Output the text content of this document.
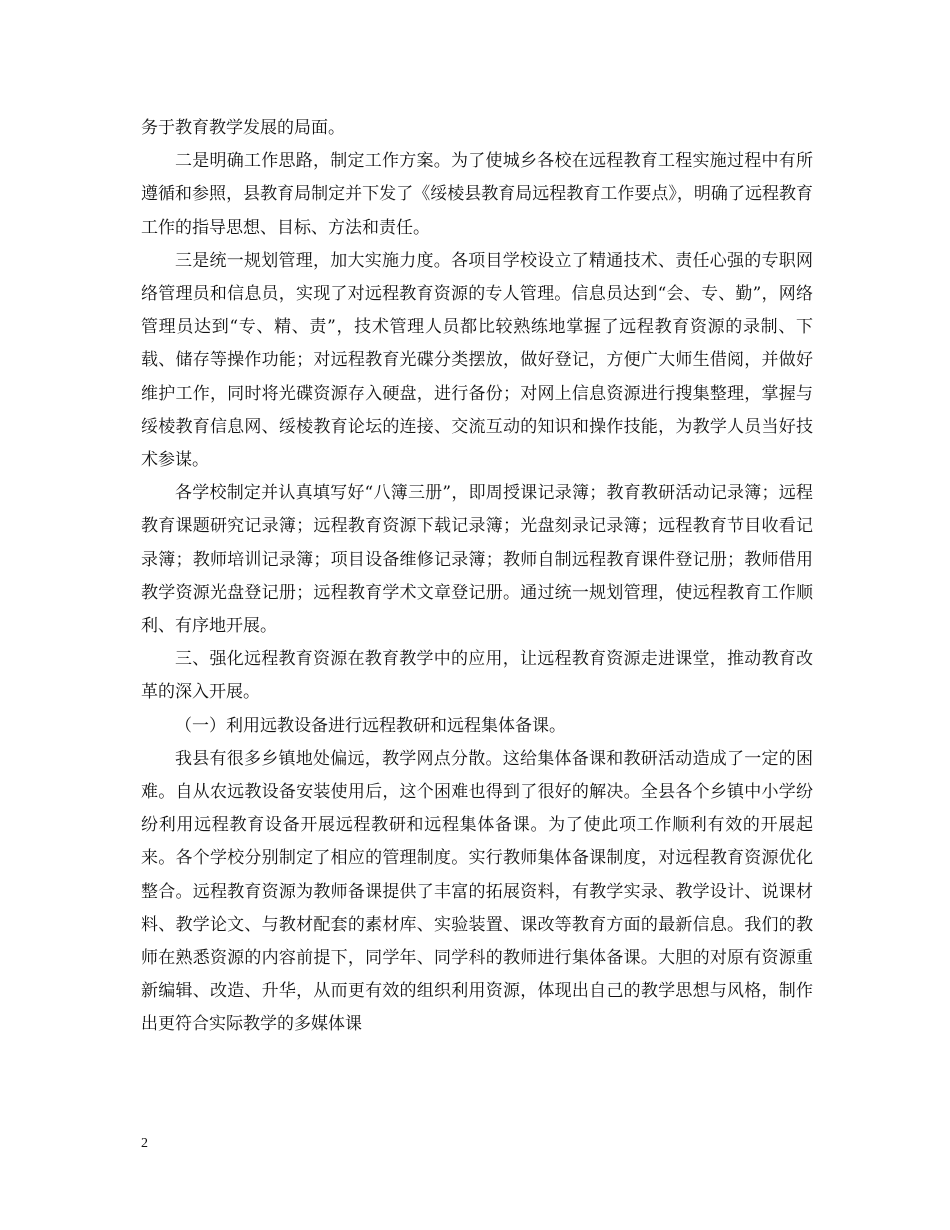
务于教育教学发展的局面。

二是明确工作思路，制定工作方案。为了使城乡各校在远程教育工程实施过程中有所遵循和参照，县教育局制定并下发了《绥棱县教育局远程教育工作要点》，明确了远程教育工作的指导思想、目标、方法和责任。

三是统一规划管理，加大实施力度。各项目学校设立了精通技术、责任心强的专职网络管理员和信息员，实现了对远程教育资源的专人管理。信息员达到“会、专、勤”，网络管理员达到“专、精、责”，技术管理人员都比较熟练地掌握了远程教育资源的录制、下载、储存等操作功能；对远程教育光碟分类摆放，做好登记，方便广大师生借阅，并做好维护工作，同时将光碟资源存入硬盘，进行备份；对网上信息资源进行搜集整理，掌握与绥棱教育信息网、绥棱教育论坛的连接、交流互动的知识和操作技能，为教学人员当好技术参谋。

各学校制定并认真填写好“八簿三册”，即周授课记录簿；教育教研活动记录簿；远程教育课题研究记录簿；远程教育资源下载记录簿；光盘刻录记录簿；远程教育节目收看记录簿；教师培训记录簿；项目设备维修记录簿；教师自制远程教育课件登记册；教师借用教学资源光盘登记册；远程教育学术文章登记册。通过统一规划管理，使远程教育工作顺利、有序地开展。

三、强化远程教育资源在教育教学中的应用，让远程教育资源走进课堂，推动教育改革的深入开展。

（一）利用远教设备进行远程教研和远程集体备课。

我县有很多乡镇地处偏远，教学网点分散。这给集体备课和教研活动造成了一定的困难。自从农远教设备安装使用后，这个困难也得到了很好的解决。全县各个乡镇中小学纷纷利用远程教育设备开展远程教研和远程集体备课。为了使此项工作顺利有效的开展起来。各个学校分别制定了相应的管理制度。实行教师集体备课制度，对远程教育资源优化整合。远程教育资源为教师备课提供了丰富的拓展资料，有教学实录、教学设计、说课材料、教学论文、与教材配套的素材库、实验装置、课改等教育方面的最新信息。我们的教师在熟悉资源的内容前提下，同学年、同学科的教师进行集体备课。大胆的对原有资源重新编辑、改造、升华，从而更有效的组织利用资源，体现出自己的教学思想与风格，制作出更符合实际教学的多媒体课

2
